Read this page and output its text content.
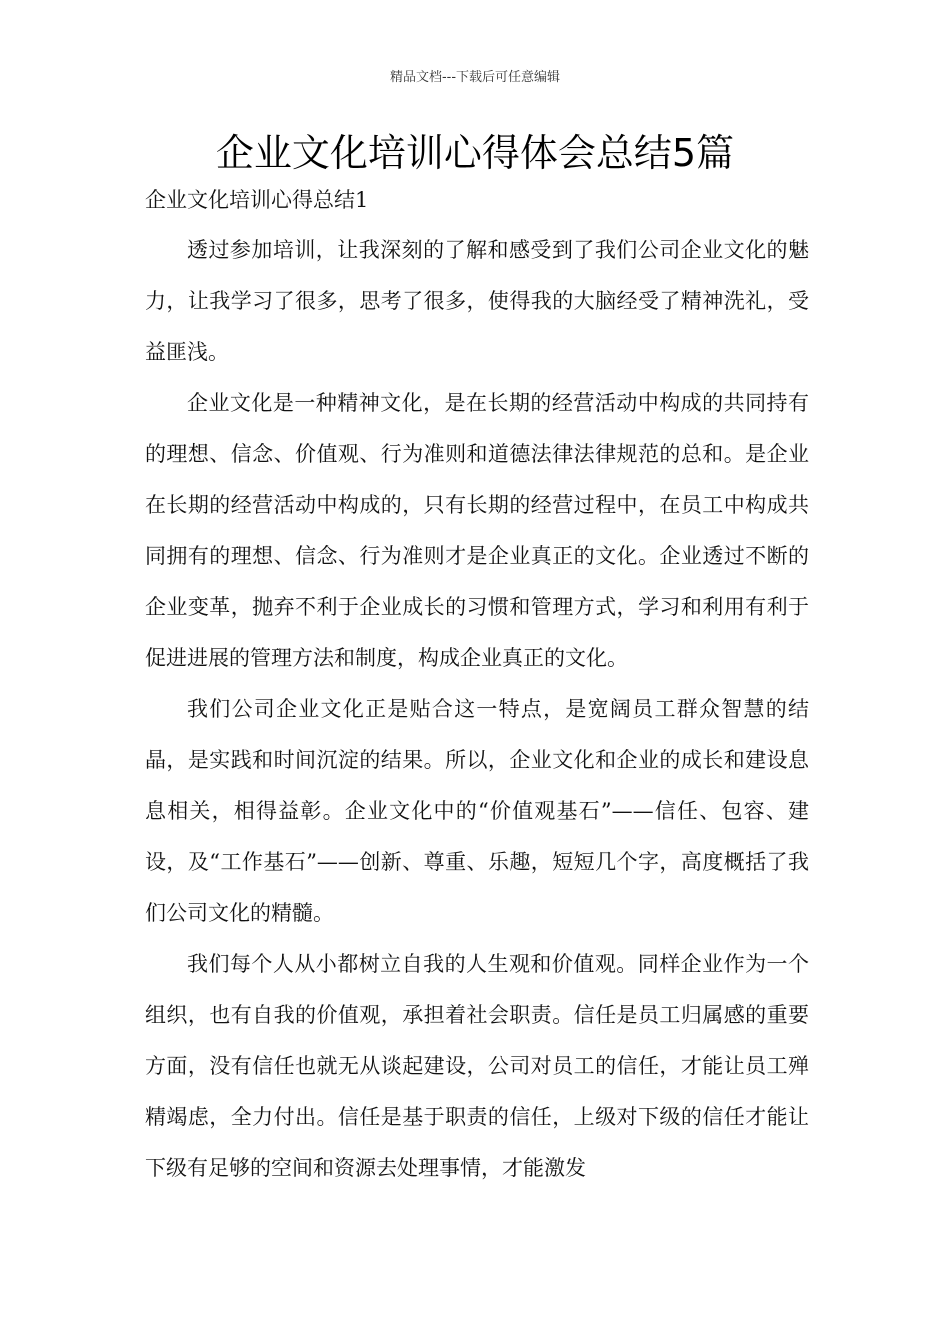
精品文档---下载后可任意编辑
企业文化培训心得体会总结5篇
企业文化培训心得总结1

透过参加培训，让我深刻的了解和感受到了我们公司企业文化的魅力，让我学习了很多，思考了很多，使得我的大脑经受了精神洗礼，受益匪浅。

企业文化是一种精神文化，是在长期的经营活动中构成的共同持有的理想、信念、价值观、行为准则和道德法律法律规范的总和。是企业在长期的经营活动中构成的，只有长期的经营过程中，在员工中构成共同拥有的理想、信念、行为准则才是企业真正的文化。企业透过不断的企业变革，抛弃不利于企业成长的习惯和管理方式，学习和利用有利于促进进展的管理方法和制度，构成企业真正的文化。

我们公司企业文化正是贴合这一特点，是宽阔员工群众智慧的结晶，是实践和时间沉淀的结果。所以，企业文化和企业的成长和建设息息相关，相得益彰。企业文化中的“价值观基石”——信任、包容、建设，及“工作基石”——创新、尊重、乐趣，短短几个字，高度概括了我们公司文化的精髓。

我们每个人从小都树立自我的人生观和价值观。同样企业作为一个组织，也有自我的价值观，承担着社会职责。信任是员工归属感的重要方面，没有信任也就无从谈起建设，公司对员工的信任，才能让员工殚精竭虑，全力付出。信任是基于职责的信任，上级对下级的信任才能让下级有足够的空间和资源去处理事情，才能激发
